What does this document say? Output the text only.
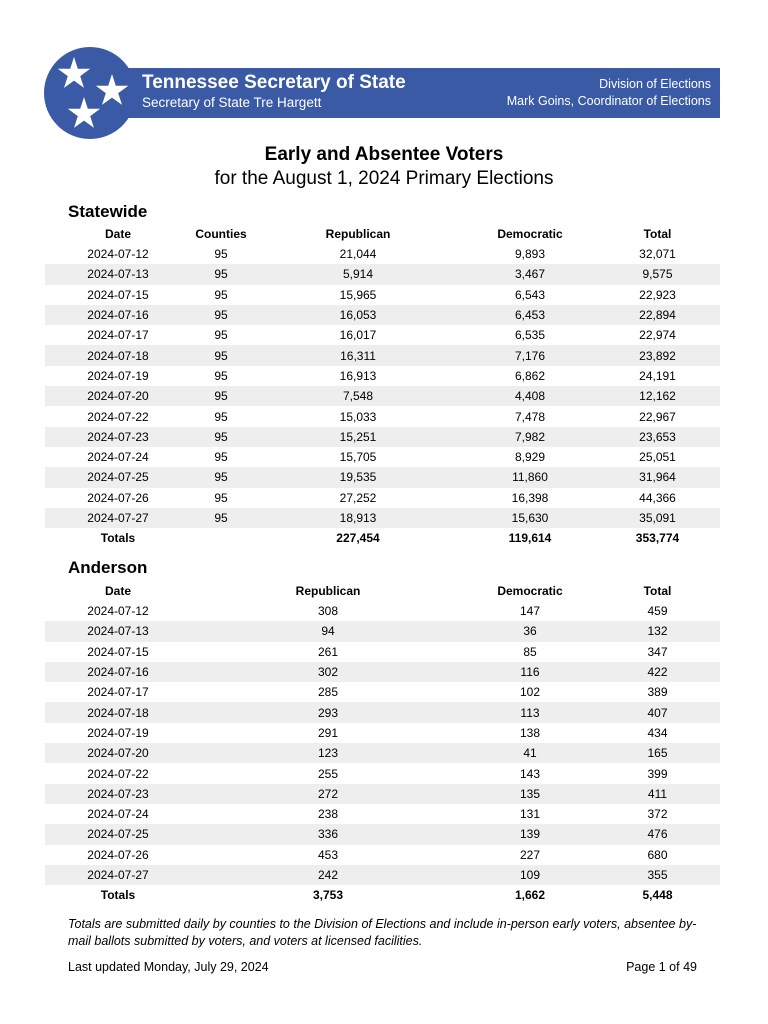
Tennessee Secretary of State
Secretary of State Tre Hargett
Division of Elections
Mark Goins, Coordinator of Elections
Early and Absentee Voters
for the August 1, 2024 Primary Elections
Statewide
Date	Counties	Republican	Democratic	Total
2024-07-12	95	21,044	9,893	32,071
2024-07-13	95	5,914	3,467	9,575
2024-07-15	95	15,965	6,543	22,923
2024-07-16	95	16,053	6,453	22,894
2024-07-17	95	16,017	6,535	22,974
2024-07-18	95	16,311	7,176	23,892
2024-07-19	95	16,913	6,862	24,191
2024-07-20	95	7,548	4,408	12,162
2024-07-22	95	15,033	7,478	22,967
2024-07-23	95	15,251	7,982	23,653
2024-07-24	95	15,705	8,929	25,051
2024-07-25	95	19,535	11,860	31,964
2024-07-26	95	27,252	16,398	44,366
2024-07-27	95	18,913	15,630	35,091
Totals		227,454	119,614	353,774
Anderson
Date	Republican	Democratic	Total
2024-07-12	308	147	459
2024-07-13	94	36	132
2024-07-15	261	85	347
2024-07-16	302	116	422
2024-07-17	285	102	389
2024-07-18	293	113	407
2024-07-19	291	138	434
2024-07-20	123	41	165
2024-07-22	255	143	399
2024-07-23	272	135	411
2024-07-24	238	131	372
2024-07-25	336	139	476
2024-07-26	453	227	680
2024-07-27	242	109	355
Totals	3,753	1,662	5,448
Totals are submitted daily by counties to the Division of Elections and include in-person early voters, absentee by-mail ballots submitted by voters, and voters at licensed facilities.
Last updated Monday, July 29, 2024	Page 1 of 49
